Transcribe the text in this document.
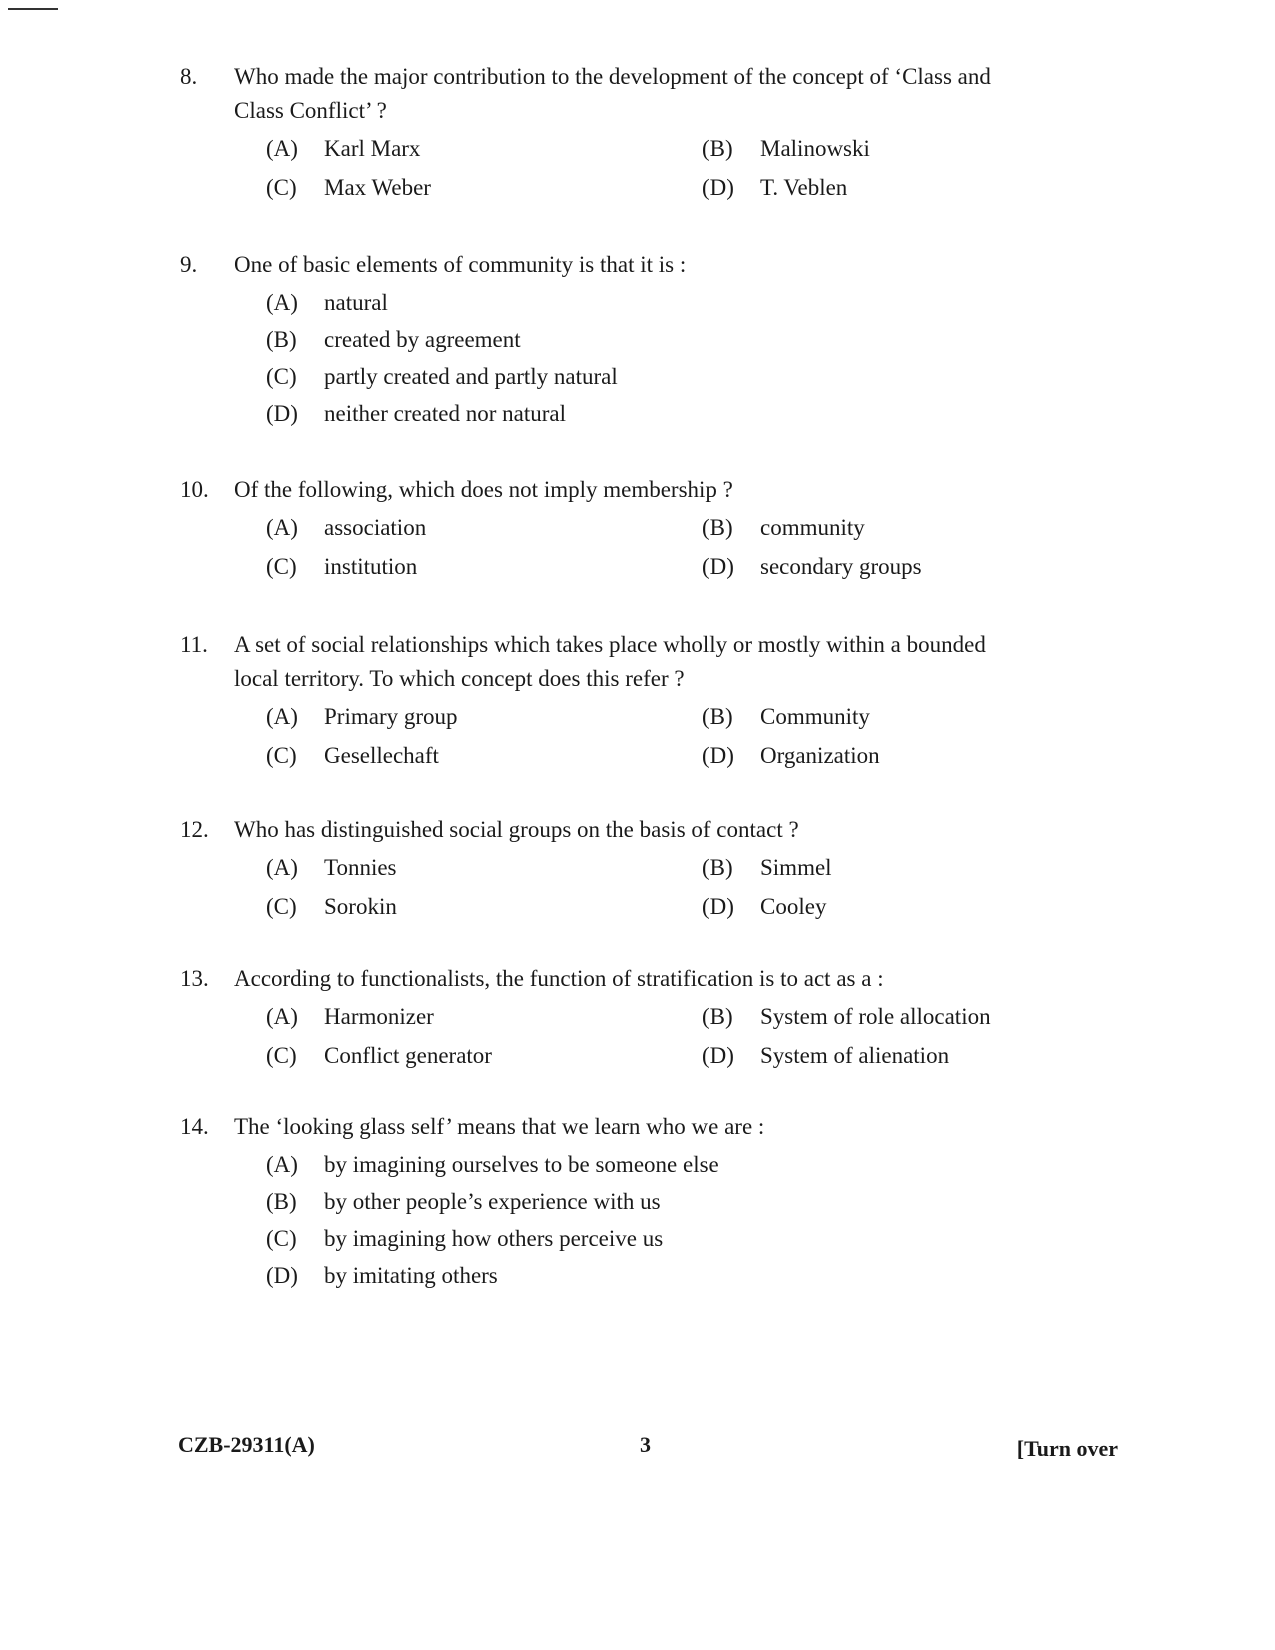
8. Who made the major contribution to the development of the concept of ‘Class and Class Conflict’ ?
(A)	Karl Marx	(B)	Malinowski
(C)	Max Weber	(D)	T. Veblen
9. One of basic elements of community is that it is :
(A)	natural
(B)	created by agreement
(C)	partly created and partly natural
(D)	neither created nor natural
10. Of the following, which does not imply membership ?
(A)	association	(B)	community
(C)	institution	(D)	secondary groups
11. A set of social relationships which takes place wholly or mostly within a bounded local territory. To which concept does this refer ?
(A)	Primary group	(B)	Community
(C)	Gesellechaft	(D)	Organization
12. Who has distinguished social groups on the basis of contact ?
(A)	Tonnies	(B)	Simmel
(C)	Sorokin	(D)	Cooley
13. According to functionalists, the function of stratification is to act as a :
(A)	Harmonizer	(B)	System of role allocation
(C)	Conflict generator	(D)	System of alienation
14. The ‘looking glass self’ means that we learn who we are :
(A)	by imagining ourselves to be someone else
(B)	by other people’s experience with us
(C)	by imagining how others perceive us
(D)	by imitating others
CZB-29311(A)	3	[Turn over
